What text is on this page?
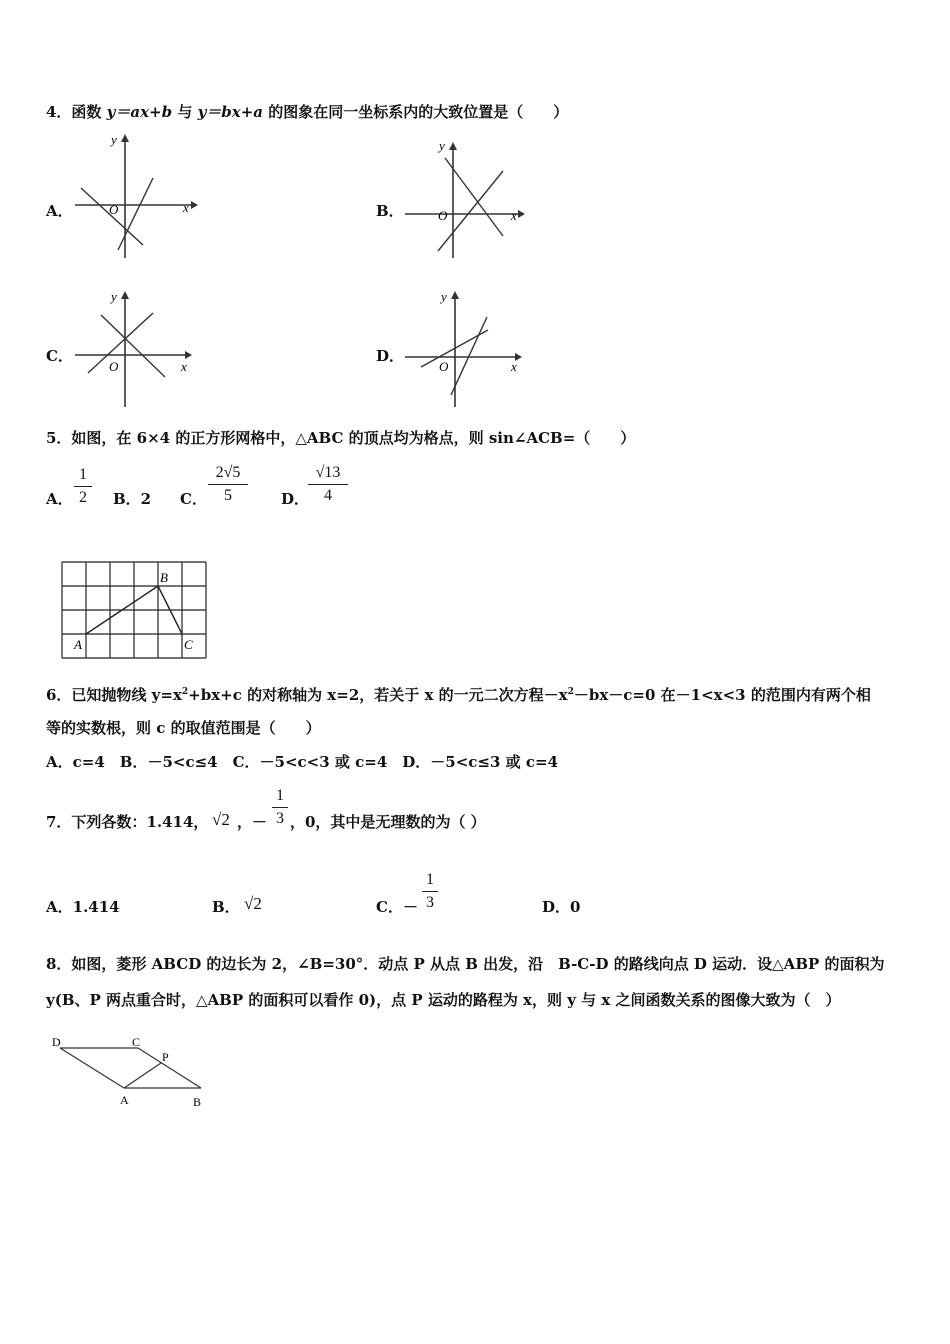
4．函数 y＝ax+b 与 y＝bx+a 的图象在同一坐标系内的大致位置是（　　）
A．
y
x
O	B．
y
x
O
C．
y
x
O
D．
y
x
O
5．如图，在 6×4 的正方形网格中，△ABC 的顶点均为格点，则 sin∠ACB=（　　）
A．
1
2	B．2 C．
2√5
5	D．
√13
4
A
B
C
6．已知抛物线 $y=x^2+bx+c$ 的对称轴为 x=2，若关于 x 的一元二次方程$-x^2-bx-c=0$ 在－1<x<3 的范围内有两个相
等的实数根，则 c 的取值范围是（　　）
A．c=4　B．－5<c≤4　C．－5<c<3 或 c=4　D．－5<c≤3 或 c=4
7．下列各数：1.414， √2 ，－
1
3 ，0，其中是无理数的为（ ）
A．1.414	B． √2	C．－
1
3	D．0
8．如图，菱形 ABCD 的边长为 2，∠B=30°．动点 P 从点 B 出发，沿　B-C-D 的路线向点 D 运动．设△ABP 的面积为
y(B、P 两点重合时，△ABP 的面积可以看作 0)，点 P 运动的路程为 x，则 y 与 x 之间函数关系的图像大致为（　）
D	C
P
A	B
